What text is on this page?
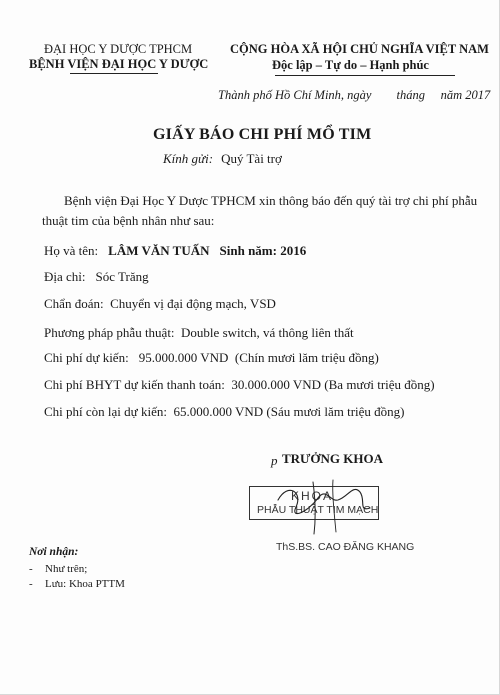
ĐẠI HỌC Y DƯỢC TPHCM
BỆNH VIỆN ĐẠI HỌC Y DƯỢC
CỘNG HÒA XÃ HỘI CHỦ NGHĨA VIỆT NAM
Độc lập – Tự do – Hạnh phúc
Thành phố Hồ Chí Minh, ngày        tháng     năm 2017
GIẤY BÁO CHI PHÍ MỔ TIM
Kính gửi: Quý Tài trợ
Bệnh viện Đại Học Y Dược TPHCM xin thông báo đến quý tài trợ chi phí phẫu
thuật tim của bệnh nhân như sau:
Họ và tên: LÂM VĂN TUẤN Sinh năm: 2016
Địa chỉ: Sóc Trăng
Chẩn đoán: Chuyển vị đại động mạch, VSD
Phương pháp phẫu thuật: Double switch, vá thông liên thất
Chi phí dự kiến: 95.000.000 VND (Chín mươi lăm triệu đồng)
Chi phí BHYT dự kiến thanh toán: 30.000.000 VND (Ba mươi triệu đồng)
Chi phí còn lại dự kiến: 65.000.000 VND (Sáu mươi lăm triệu đồng)
p TRƯỞNG KHOA
KHOA
PHẪU THUẬT TIM MẠCH
ThS.BS. CAO ĐĂNG KHANG
Nơi nhận:
- Như trên;
- Lưu: Khoa PTTM
